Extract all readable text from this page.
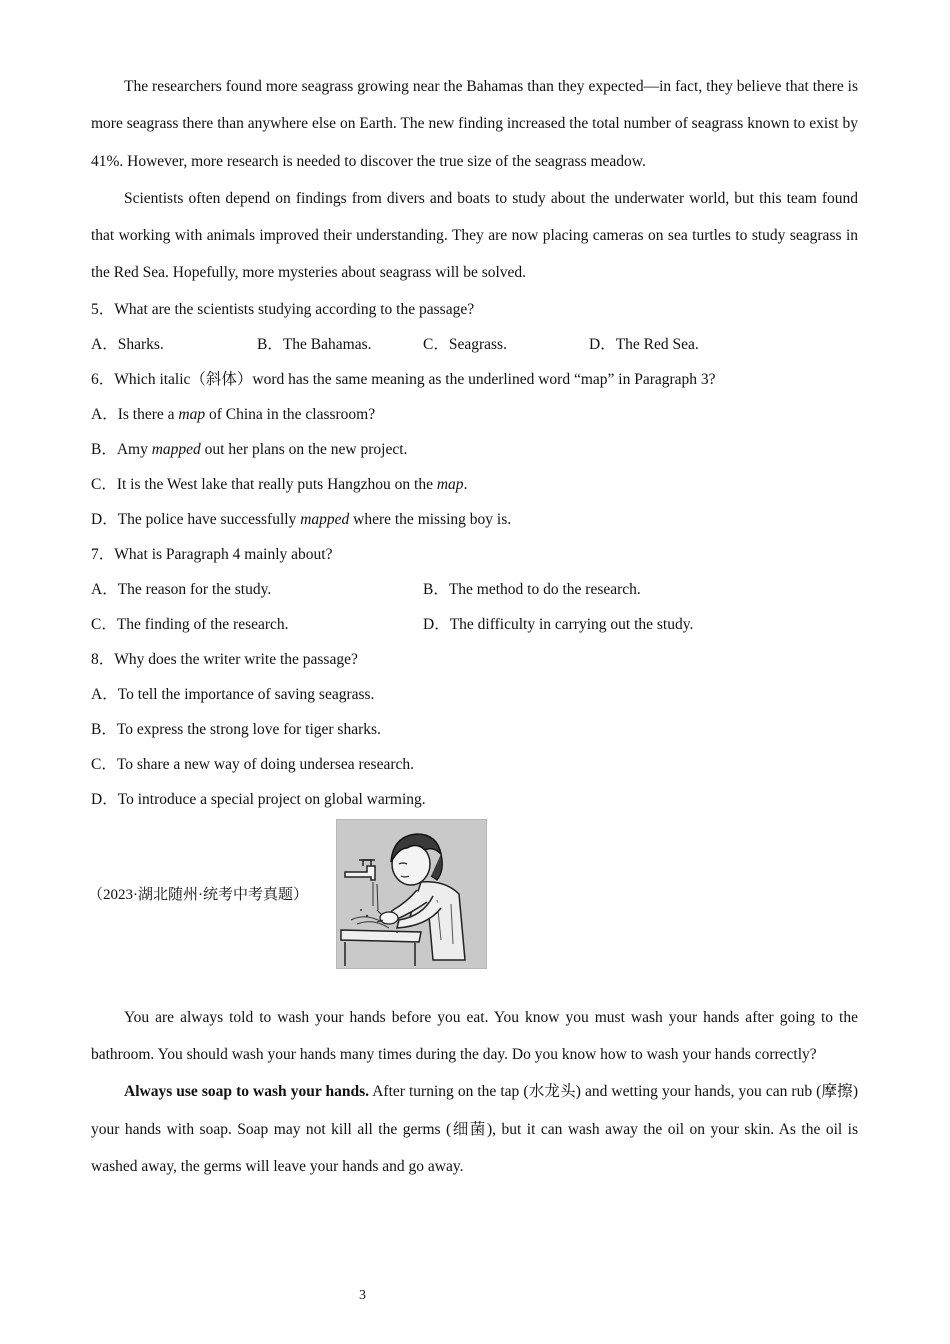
The researchers found more seagrass growing near the Bahamas than they expected—in fact, they believe that there is more seagrass there than anywhere else on Earth. The new finding increased the total number of seagrass known to exist by 41%. However, more research is needed to discover the true size of the seagrass meadow.

Scientists often depend on findings from divers and boats to study about the underwater world, but this team found that working with animals improved their understanding. They are now placing cameras on sea turtles to study seagrass in the Red Sea. Hopefully, more mysteries about seagrass will be solved.

5．What are the scientists studying according to the passage?
A．Sharks.	B．The Bahamas.	C．Seagrass.	D．The Red Sea.
6．Which italic（斜体）word has the same meaning as the underlined word “map” in Paragraph 3?
A．Is there a map of China in the classroom?
B．Amy mapped out her plans on the new project.
C．It is the West lake that really puts Hangzhou on the map.
D．The police have successfully mapped where the missing boy is.
7．What is Paragraph 4 mainly about?
A．The reason for the study.	B．The method to do the research.
C．The finding of the research.	D．The difficulty in carrying out the study.
8．Why does the writer write the passage?
A．To tell the importance of saving seagrass.
B．To express the strong love for tiger sharks.
C．To share a new way of doing undersea research.
D．To introduce a special project on global warming.
（2023·湖北随州·统考中考真题）

You are always told to wash your hands before you eat. You know you must wash your hands after going to the bathroom. You should wash your hands many times during the day. Do you know how to wash your hands correctly?

Always use soap to wash your hands. After turning on the tap (水龙头) and wetting your hands, you can rub (摩擦) your hands with soap. Soap may not kill all the germs (细菌), but it can wash away the oil on your skin. As the oil is washed away, the germs will leave your hands and go away.

3
